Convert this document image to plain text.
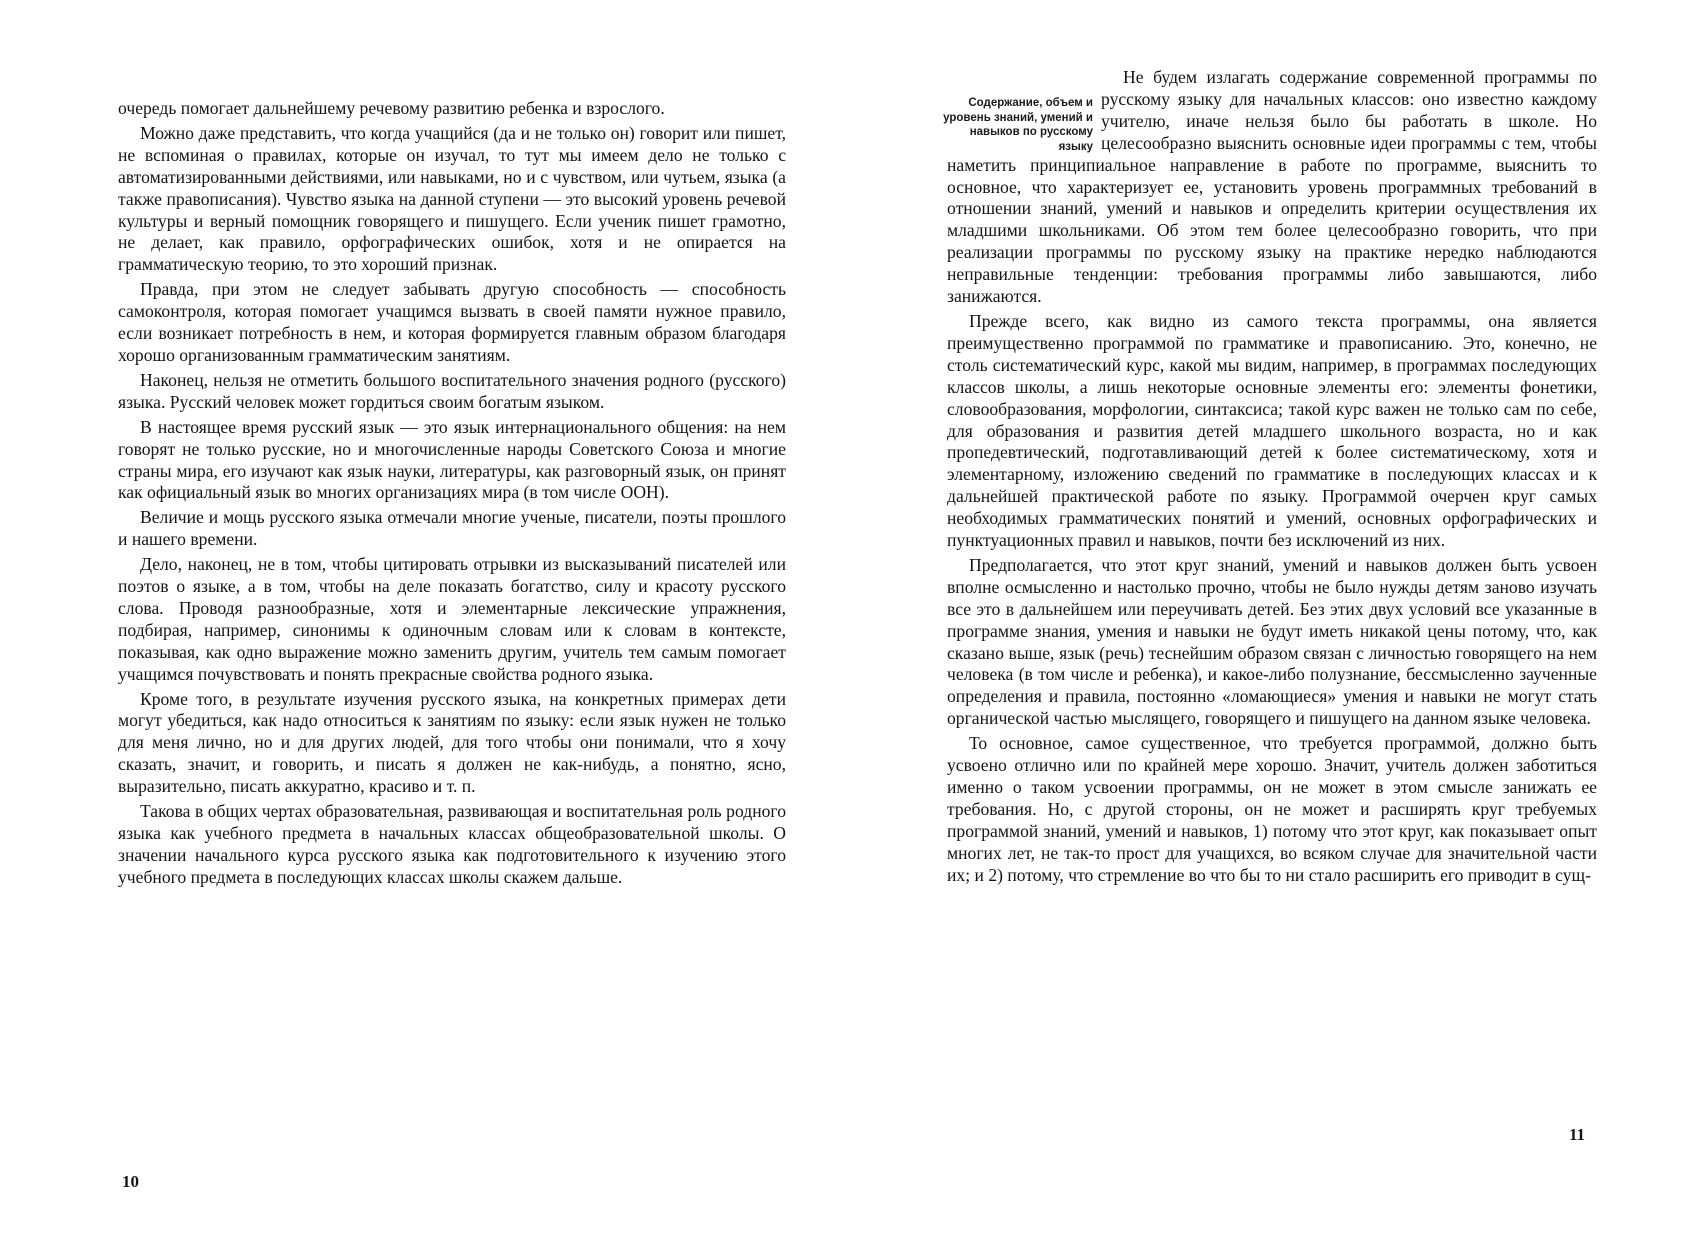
очередь помогает дальнейшему речевому развитию ребенка и взрослого.

Можно даже представить, что когда учащийся (да и не только он) говорит или пишет, не вспоминая о правилах, которые он изучал, то тут мы имеем дело не только с автоматизированными действиями, или навыками, но и с чувством, или чутьем, языка (а также правописания). Чувство языка на данной ступени — это высокий уровень речевой культуры и верный помощник говорящего и пишущего. Если ученик пишет грамотно, не делает, как правило, орфографических ошибок, хотя и не опирается на грамматическую теорию, то это хороший признак.

Правда, при этом не следует забывать другую способность — способность самоконтроля, которая помогает учащимся вызвать в своей памяти нужное правило, если возникает потребность в нем, и которая формируется главным образом благодаря хорошо организованным грамматическим занятиям.

Наконец, нельзя не отметить большого воспитательного значения родного (русского) языка. Русский человек может гордиться своим богатым языком.

В настоящее время русский язык — это язык интернационального общения: на нем говорят не только русские, но и многочисленные народы Советского Союза и многие страны мира, его изучают как язык науки, литературы, как разговорный язык, он принят как официальный язык во многих организациях мира (в том числе ООН).

Величие и мощь русского языка отмечали многие ученые, писатели, поэты прошлого и нашего времени.

Дело, наконец, не в том, чтобы цитировать отрывки из высказываний писателей или поэтов о языке, а в том, чтобы на деле показать богатство, силу и красоту русского слова. Проводя разнообразные, хотя и элементарные лексические упражнения, подбирая, например, синонимы к одиночным словам или к словам в контексте, показывая, как одно выражение можно заменить другим, учитель тем самым помогает учащимся почувствовать и понять прекрасные свойства родного языка.

Кроме того, в результате изучения русского языка, на конкретных примерах дети могут убедиться, как надо относиться к занятиям по языку: если язык нужен не только для меня лично, но и для других людей, для того чтобы они понимали, что я хочу сказать, значит, и говорить, и писать я должен не как-нибудь, а понятно, ясно, выразительно, писать аккуратно, красиво и т. п.

Такова в общих чертах образовательная, развивающая и воспитательная роль родного языка как учебного предмета в начальных классах общеобразовательной школы. О значении начального курса русского языка как подготовительного к изучению этого учебного предмета в последующих классах школы скажем дальше.

10
Содержание, объем и уровень знаний, умений и навыков по русскому языку

Не будем излагать содержание современной программы по русскому языку для начальных классов: оно известно каждому учителю, иначе нельзя было бы работать в школе. Но целесообразно выяснить основные идеи программы с тем, чтобы наметить принципиальное направление в работе по программе, выяснить то основное, что характеризует ее, установить уровень программных требований в отношении знаний, умений и навыков и определить критерии осуществления их младшими школьниками. Об этом тем более целесообразно говорить, что при реализации программы по русскому языку на практике нередко наблюдаются неправильные тенденции: требования программы либо завышаются, либо занижаются.

Прежде всего, как видно из самого текста программы, она является преимущественно программой по грамматике и правописанию. Это, конечно, не столь систематический курс, какой мы видим, например, в программах последующих классов школы, а лишь некоторые основные элементы его: элементы фонетики, словообразования, морфологии, синтаксиса; такой курс важен не только сам по себе, для образования и развития детей младшего школьного возраста, но и как пропедевтический, подготавливающий детей к более систематическому, хотя и элементарному, изложению сведений по грамматике в последующих классах и к дальнейшей практической работе по языку. Программой очерчен круг самых необходимых грамматических понятий и умений, основных орфографических и пунктуационных правил и навыков, почти без исключений из них.

Предполагается, что этот круг знаний, умений и навыков должен быть усвоен вполне осмысленно и настолько прочно, чтобы не было нужды детям заново изучать все это в дальнейшем или переучивать детей. Без этих двух условий все указанные в программе знания, умения и навыки не будут иметь никакой цены потому, что, как сказано выше, язык (речь) теснейшим образом связан с личностью говорящего на нем человека (в том числе и ребенка), и какое-либо полузнание, бессмысленно заученные определения и правила, постоянно «ломающиеся» умения и навыки не могут стать органической частью мыслящего, говорящего и пишущего на данном языке человека.

То основное, самое существенное, что требуется программой, должно быть усвоено отлично или по крайней мере хорошо. Значит, учитель должен заботиться именно о таком усвоении программы, он не может в этом смысле занижать ее требования. Но, с другой стороны, он не может и расширять круг требуемых программой знаний, умений и навыков, 1) потому что этот круг, как показывает опыт многих лет, не так-то прост для учащихся, во всяком случае для значительной части их; и 2) потому, что стремление во что бы то ни стало расширить его приводит в сущ-

11
